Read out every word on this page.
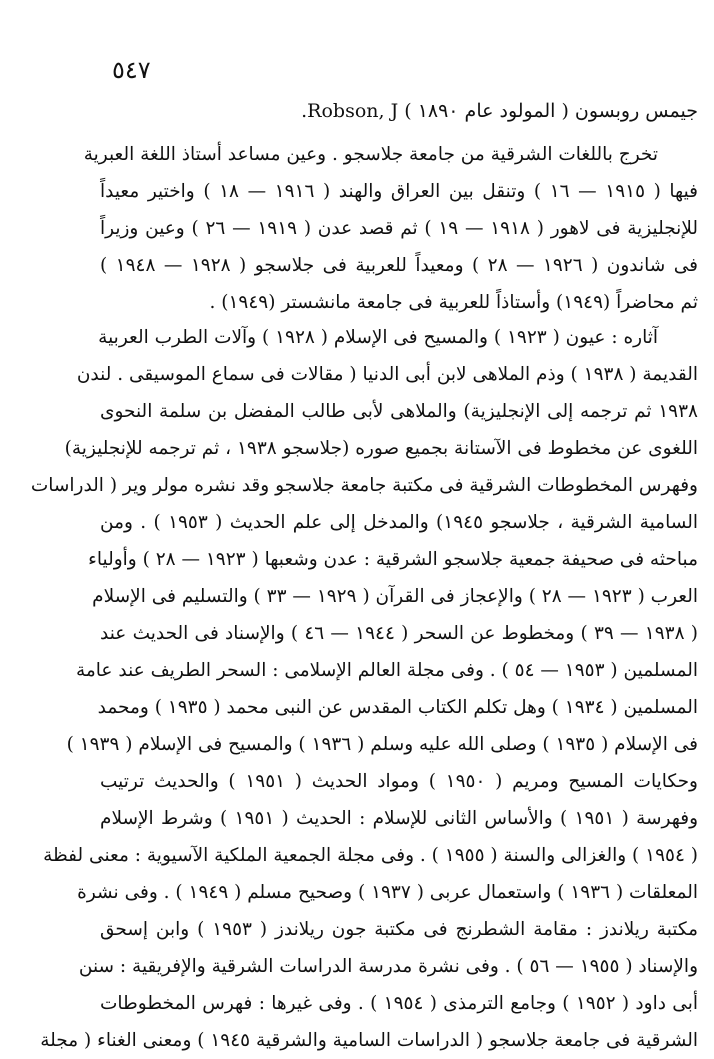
٥٤٧
جيمس روبسون ( المولود عام ١٨٩٠ ) Robson, J.
تخرج باللغات الشرقية من جامعة جلاسجو . وعين مساعد أستاذ اللغة العبرية
فيها ( ١٩١٥ — ١٦ ) وتنقل بين العراق والهند ( ١٩١٦ — ١٨ ) واختير معيداً
للإنجليزية فى لاهور ( ١٩١٨ — ١٩ ) ثم قصد عدن ( ١٩١٩ — ٢٦ ) وعين وزيراً
فى شاندون ( ١٩٢٦ — ٢٨ ) ومعيداً للعربية فى جلاسجو ( ١٩٢٨ — ١٩٤٨ )
ثم محاضراً (١٩٤٩) وأستاذاً للعربية فى جامعة مانشستر (١٩٤٩) .
آثاره : عيون ( ١٩٢٣ ) والمسيح فى الإسلام ( ١٩٢٨ ) وآلات الطرب العربية
القديمة ( ١٩٣٨ ) وذم الملاهى لابن أبى الدنيا ( مقالات فى سماع الموسيقى . لندن
١٩٣٨ ثم ترجمه إلى الإنجليزية) والملاهى لأبى طالب المفضل بن سلمة النحوى
اللغوى عن مخطوط فى الآستانة بجميع صوره (جلاسجو ١٩٣٨ ، ثم ترجمه للإنجليزية)
وفهرس المخطوطات الشرقية فى مكتبة جامعة جلاسجو وقد نشره مولر وير ( الدراسات
السامية الشرقية ، جلاسجو ١٩٤٥) والمدخل إلى علم الحديث ( ١٩٥٣ ) . ومن
مباحثه فى صحيفة جمعية جلاسجو الشرقية : عدن وشعبها ( ١٩٢٣ — ٢٨ ) وأولياء
العرب ( ١٩٢٣ — ٢٨ ) والإعجاز فى القرآن ( ١٩٢٩ — ٣٣ ) والتسليم فى الإسلام
( ١٩٣٨ — ٣٩ ) ومخطوط عن السحر ( ١٩٤٤ — ٤٦ ) والإسناد فى الحديث عند
المسلمين ( ١٩٥٣ — ٥٤ ) . وفى مجلة العالم الإسلامى : السحر الطريف عند عامة
المسلمين ( ١٩٣٤ ) وهل تكلم الكتاب المقدس عن النبى محمد ( ١٩٣٥ ) ومحمد
فى الإسلام ( ١٩٣٥ ) وصلى الله عليه وسلم ( ١٩٣٦ ) والمسيح فى الإسلام ( ١٩٣٩ )
وحكايات المسيح ومريم ( ١٩٥٠ ) ومواد الحديث ( ١٩٥١ ) والحديث ترتيب
وفهرسة ( ١٩٥١ ) والأساس الثانى للإسلام : الحديث ( ١٩٥١ ) وشرط الإسلام
( ١٩٥٤ ) والغزالى والسنة ( ١٩٥٥ ) . وفى مجلة الجمعية الملكية الآسيوية : معنى لفظة
المعلقات ( ١٩٣٦ ) واستعمال عربى ( ١٩٣٧ ) وصحيح مسلم ( ١٩٤٩ ) . وفى نشرة
مكتبة ريلاندز : مقامة الشطرنج فى مكتبة جون ريلاندز ( ١٩٥٣ ) وابن إسحق
والإسناد ( ١٩٥٥ — ٥٦ ) . وفى نشرة مدرسة الدراسات الشرقية والإفريقية : سنن
أبى داود ( ١٩٥٢ ) وجامع الترمذى ( ١٩٥٤ ) . وفى غيرها : فهرس المخطوطات
الشرقية فى جامعة جلاسجو ( الدراسات السامية والشرقية ١٩٤٥ ) ومعنى الغناء ( مجلة
